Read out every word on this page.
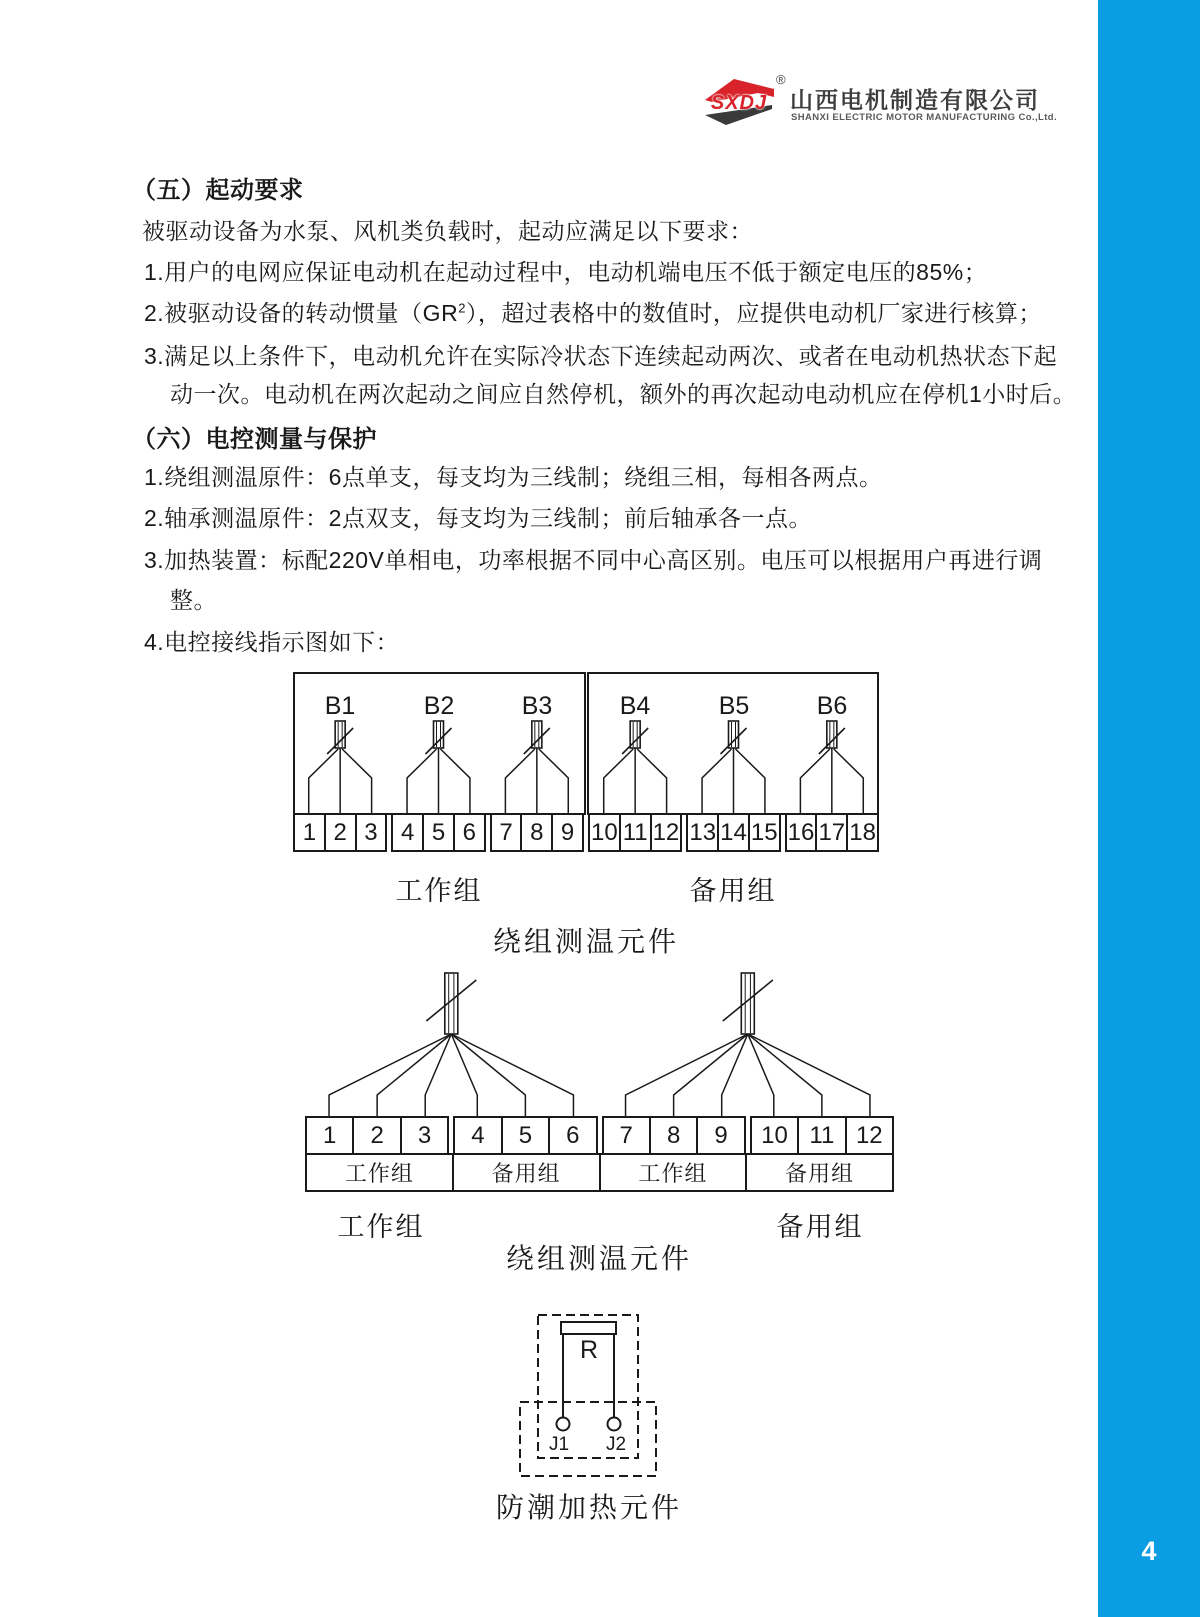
4
SXDJ
®
山西电机制造有限公司
SHANXI ELECTRIC MOTOR MANUFACTURING Co.,Ltd.
（五）起动要求
被驱动设备为水泵、风机类负载时，起动应满足以下要求：
1.用户的电网应保证电动机在起动过程中，电动机端电压不低于额定电压的85%；
2.被驱动设备的转动惯量$(GR^2)$，超过表格中的数值时，应提供电动机厂家进行核算；
3.满足以上条件下，电动机允许在实际冷状态下连续起动两次、或者在电动机热状态下起
动一次。电动机在两次起动之间应自然停机，额外的再次起动电动机应在停机1小时后。
（六）电控测量与保护
1.绕组测温原件：6点单支，每支均为三线制；绕组三相，每相各两点。
2.轴承测温原件：2点双支，每支均为三线制；前后轴承各一点。
3.加热装置：标配220V单相电，功率根据不同中心高区别。电压可以根据用户再进行调
整。
4.电控接线指示图如下：
B1	B2	B3	B4	B5	B6
1 2 3 4 5 6 7 8 9 10 11 12 13 14 15 16 17 18
工作组	备用组
绕组测温元件
1	2	3	4	5	6	7	8	9	10 11 12
工作组	备用组	工作组	备用组
工作组	备用组
绕组测温元件
R
J1 J2
防潮加热元件
